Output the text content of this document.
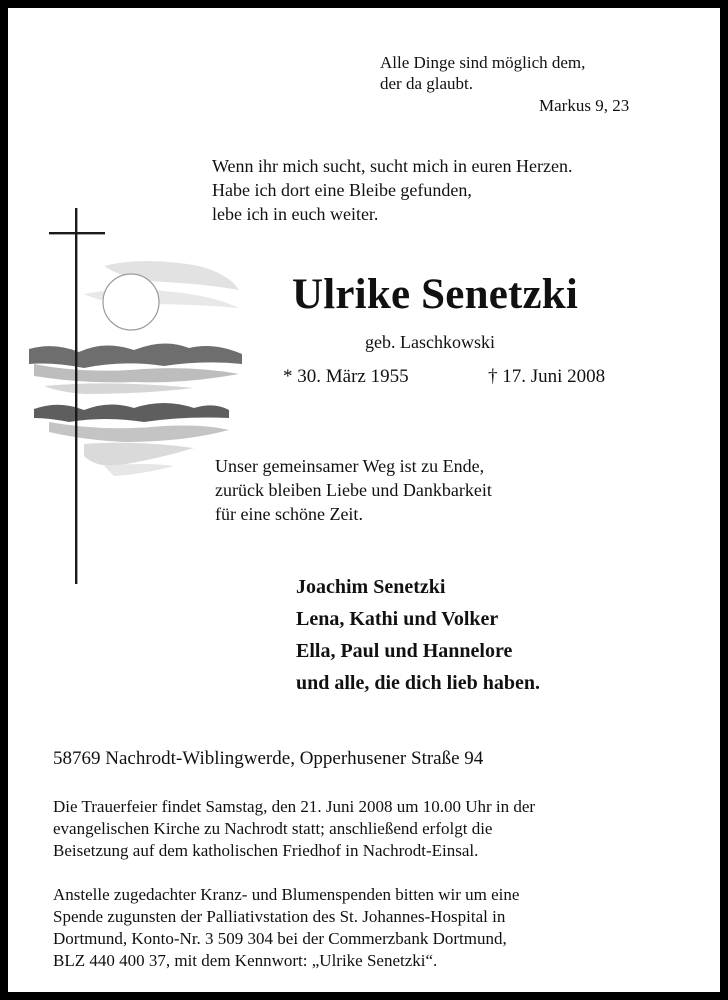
Alle Dinge sind möglich dem,
der da glaubt.
Markus 9, 23
Wenn ihr mich sucht, sucht mich in euren Herzen.
Habe ich dort eine Bleibe gefunden,
lebe ich in euch weiter.
Ulrike Senetzki
geb. Laschkowski
* 30. März 1955	† 17. Juni 2008
Unser gemeinsamer Weg ist zu Ende,
zurück bleiben Liebe und Dankbarkeit
für eine schöne Zeit.
Joachim Senetzki
Lena, Kathi und Volker
Ella, Paul und Hannelore
und alle, die dich lieb haben.
58769 Nachrodt-Wiblingwerde, Opperhusener Straße 94
Die Trauerfeier findet Samstag, den 21. Juni 2008 um 10.00 Uhr in der
evangelischen Kirche zu Nachrodt statt; anschließend erfolgt die
Beisetzung auf dem katholischen Friedhof in Nachrodt-Einsal.
Anstelle zugedachter Kranz- und Blumenspenden bitten wir um eine
Spende zugunsten der Palliativstation des St. Johannes-Hospital in
Dortmund, Konto-Nr. 3 509 304 bei der Commerzbank Dortmund,
BLZ 440 400 37, mit dem Kennwort: „Ulrike Senetzki“.
